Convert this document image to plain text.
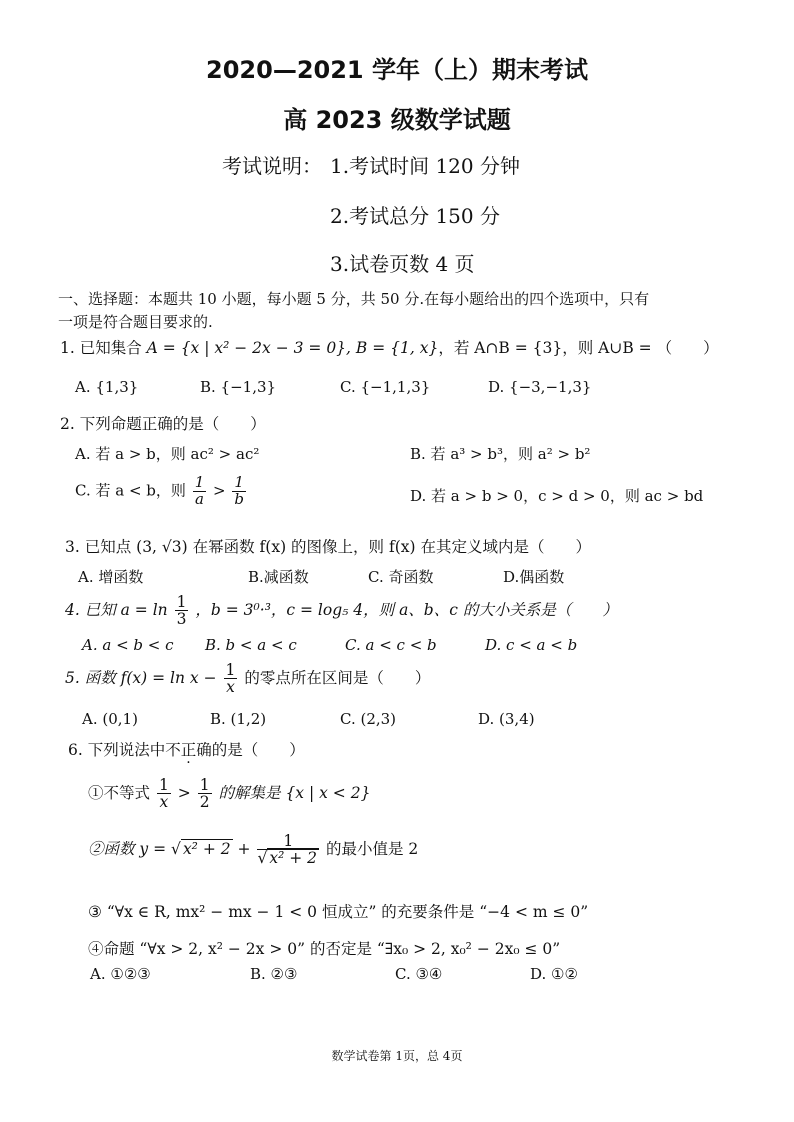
2020—2021 学年（上）期末考试
高 2023 级数学试题
考试说明： 1.考试时间 120 分钟
2.考试总分 150 分
3.试卷页数 4 页
一、选择题：本题共 10 小题，每小题 5 分，共 50 分.在每小题给出的四个选项中，只有
一项是符合题目要求的.
1. 已知集合 A = {x | x² − 2x − 3 = 0}, B = {1, x}，若 A∩B = {3}，则 A∪B = （　　）
A. {1,3}	B. {−1,3}	C. {−1,1,3}	D. {−3,−1,3}
2. 下列命题正确的是（　　）
A. 若 a > b，则 ac² > ac²	B. 若 a³ > b³，则 a² > b²
C. 若 a < b，则 $\frac{1}{a} > \frac{1}{b}$	D. 若 a > b > 0，c > d > 0，则 ac > bd
3. 已知点 (3, √3) 在幂函数 f(x) 的图像上，则 f(x) 在其定义域内是（　　）
A. 增函数	B.减函数	C. 奇函数	D.偶函数
4. 已知 $a = \ln \frac{1}{3}$ ，b = 3⁰·³，c = log₅ 4，则 a、b、c 的大小关系是（　　）
A. a < b < c B. b < a < c	C. a < c < b	D. c < a < b
5. 函数 $f(x) = \ln x - \frac{1}{x}$ 的零点所在区间是（　　）
A. (0,1)	B. (1,2)	C. (2,3)	D. (3,4)
6. 下列说法中不正确的是（　　）
①不等式 $\frac{1}{x} > \frac{1}{2}$ 的解集是 {x | x < 2}
②函数 y = √ $x^2 + 2 + \frac{1}{\text{√ x² + 2}}$ 的最小值是 2
③ “∀x ∈ R, mx² − mx − 1 < 0 恒成立” 的充要条件是 “−4 < m ≤ 0”
④命题 “∀x > 2, x² − 2x > 0” 的否定是 “∃x₀ > 2, x₀² − 2x₀ ≤ 0”
A. ①②③	B. ②③	C. ③④	D. ①②
数学试卷第 1页，总 4页
